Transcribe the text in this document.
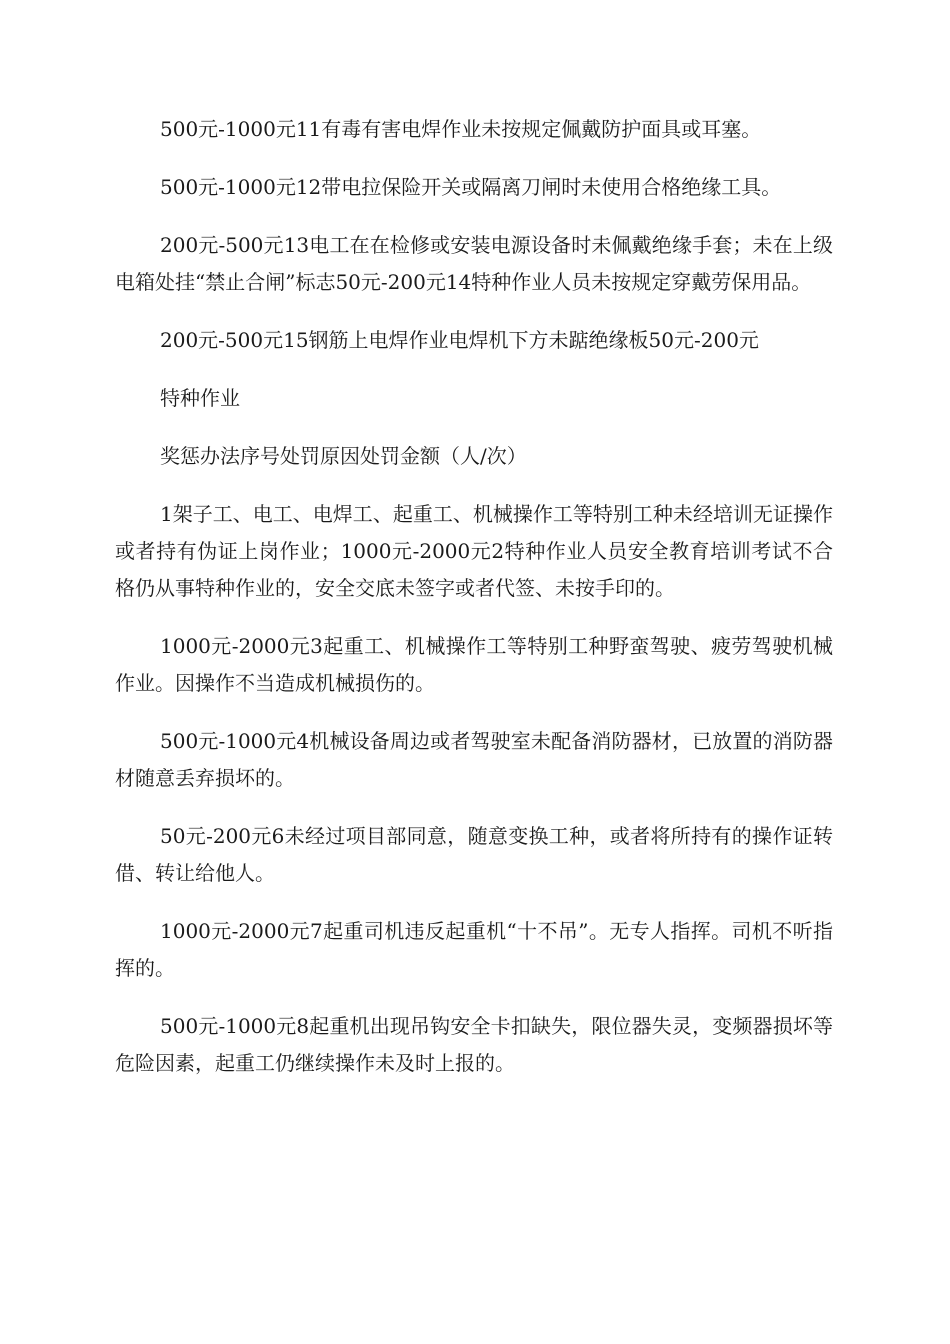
500元-1000元11有毒有害电焊作业未按规定佩戴防护面具或耳塞。

500元-1000元12带电拉保险开关或隔离刀闸时未使用合格绝缘工具。

200元-500元13电工在在检修或安装电源设备时未佩戴绝缘手套；未在上级电箱处挂“禁止合闸”标志50元-200元14特种作业人员未按规定穿戴劳保用品。

200元-500元15钢筋上电焊作业电焊机下方未踮绝缘板50元-200元

特种作业

奖惩办法序号处罚原因处罚金额（人/次）

1架子工、电工、电焊工、起重工、机械操作工等特别工种未经培训无证操作或者持有伪证上岗作业；1000元-2000元2特种作业人员安全教育培训考试不合格仍从事特种作业的，安全交底未签字或者代签、未按手印的。

1000元-2000元3起重工、机械操作工等特别工种野蛮驾驶、疲劳驾驶机械作业。因操作不当造成机械损伤的。

500元-1000元4机械设备周边或者驾驶室未配备消防器材，已放置的消防器材随意丢弃损坏的。

50元-200元6未经过项目部同意，随意变换工种，或者将所持有的操作证转借、转让给他人。

1000元-2000元7起重司机违反起重机“十不吊”。无专人指挥。司机不听指挥的。

500元-1000元8起重机出现吊钩安全卡扣缺失，限位器失灵，变频器损坏等危险因素，起重工仍继续操作未及时上报的。
